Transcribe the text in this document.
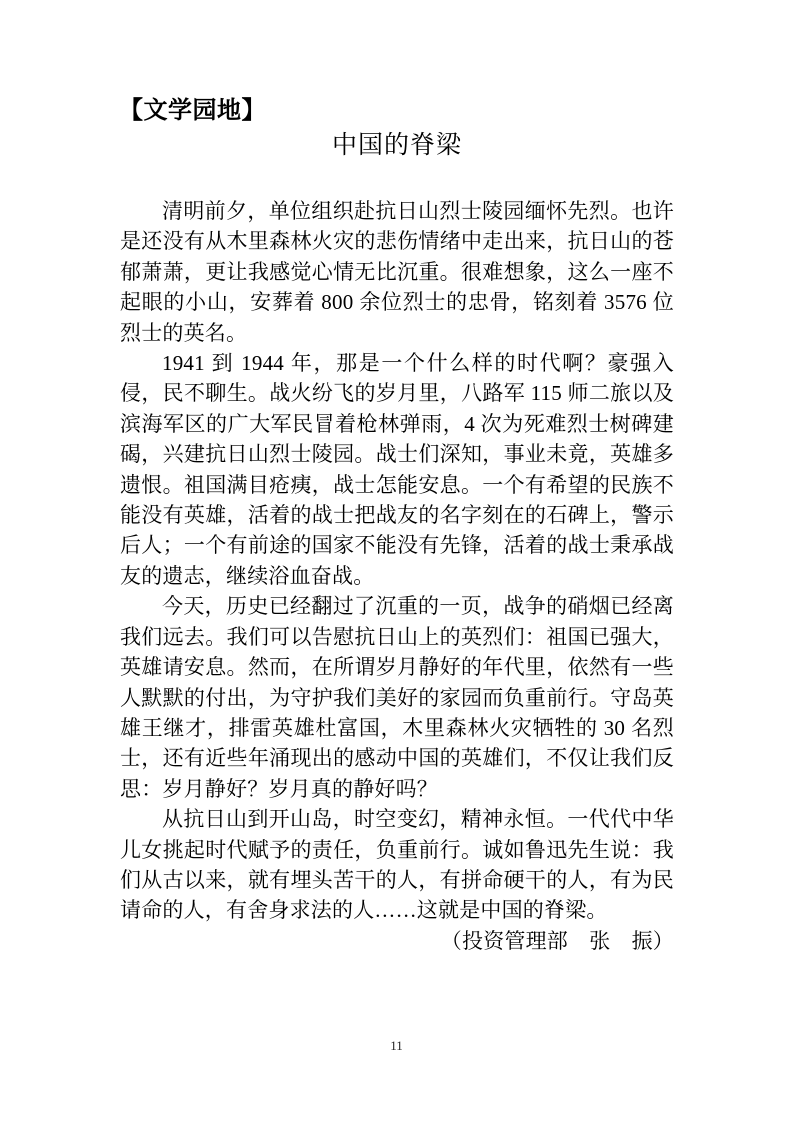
【文学园地】
中国的脊梁

清明前夕，单位组织赴抗日山烈士陵园缅怀先烈。也许是还没有从木里森林火灾的悲伤情绪中走出来，抗日山的苍郁萧萧，更让我感觉心情无比沉重。很难想象，这么一座不起眼的小山，安葬着 800 余位烈士的忠骨，铭刻着 3576 位烈士的英名。

1941 到 1944 年，那是一个什么样的时代啊？豪强入侵，民不聊生。战火纷飞的岁月里，八路军 115 师二旅以及滨海军区的广大军民冒着枪林弹雨，4 次为死难烈士树碑建碣，兴建抗日山烈士陵园。战士们深知，事业未竟，英雄多遗恨。祖国满目疮痍，战士怎能安息。一个有希望的民族不能没有英雄，活着的战士把战友的名字刻在的石碑上，警示后人；一个有前途的国家不能没有先锋，活着的战士秉承战友的遗志，继续浴血奋战。

今天，历史已经翻过了沉重的一页，战争的硝烟已经离我们远去。我们可以告慰抗日山上的英烈们：祖国已强大，英雄请安息。然而，在所谓岁月静好的年代里，依然有一些人默默的付出，为守护我们美好的家园而负重前行。守岛英雄王继才，排雷英雄杜富国，木里森林火灾牺牲的 30 名烈士，还有近些年涌现出的感动中国的英雄们，不仅让我们反思：岁月静好？岁月真的静好吗？

从抗日山到开山岛，时空变幻，精神永恒。一代代中华儿女挑起时代赋予的责任，负重前行。诚如鲁迅先生说：我们从古以来，就有埋头苦干的人，有拼命硬干的人，有为民请命的人，有舍身求法的人……这就是中国的脊梁。

（投资管理部　张　振）
11
